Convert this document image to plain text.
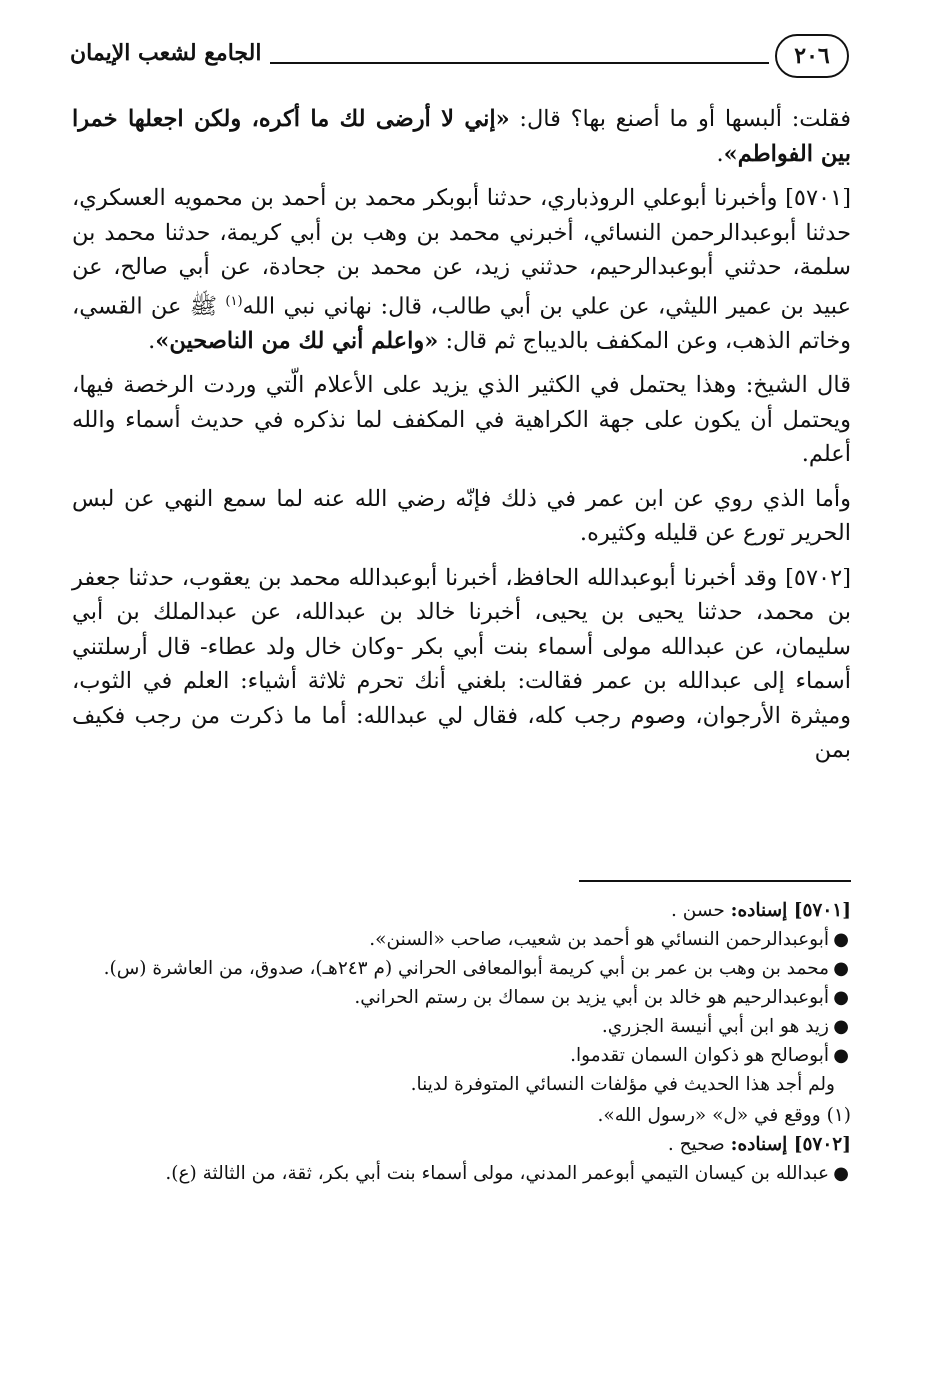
٢٠٦
الجامع لشعب الإيمان

فقلت: ألبسها أو ما أصنع بها؟ قال: «إني لا أرضى لك ما أكره، ولكن اجعلها خمرا بين الفواطم».

[٥٧٠١] وأخبرنا أبوعلي الروذباري، حدثنا أبوبكر محمد بن أحمد بن محمويه العسكري، حدثنا أبوعبدالرحمن النسائي، أخبرني محمد بن وهب بن أبي كريمة، حدثنا محمد بن سلمة، حدثني أبوعبدالرحيم، حدثني زيد، عن محمد بن جحادة، عن أبي صالح، عن عبيد بن عمير الليثي، عن علي بن أبي طالب، قال: نهاني نبي الله$^{(١)}$ ﷺ عن القسي، وخاتم الذهب، وعن المكفف بالديباج ثم قال: «واعلم أني لك من الناصحين».

قال الشيخ: وهذا يحتمل في الكثير الذي يزيد على الأعلام الّتي وردت الرخصة فيها، ويحتمل أن يكون على جهة الكراهية في المكفف لما نذكره في حديث أسماء والله أعلم.

وأما الذي روي عن ابن عمر في ذلك فإنّه رضي الله عنه لما سمع النهي عن لبس الحرير تورع عن قليله وكثيره.

[٥٧٠٢] وقد أخبرنا أبوعبدالله الحافظ، أخبرنا أبوعبدالله محمد بن يعقوب، حدثنا جعفر بن محمد، حدثنا يحيى بن يحيى، أخبرنا خالد بن عبدالله، عن عبدالملك بن أبي سليمان، عن عبدالله مولى أسماء بنت أبي بكر -وكان خال ولد عطاء- قال أرسلتني أسماء إلى عبدالله بن عمر فقالت: بلغني أنك تحرم ثلاثة أشياء: العلم في الثوب، وميثرة الأرجوان، وصوم رجب كله، فقال لي عبدالله: أما ما ذكرت من رجب فكيف بمن

[٥٧٠١] إسناده: حسن .

●
أبوعبدالرحمن النسائي هو أحمد بن شعيب، صاحب «السنن».
●
محمد بن وهب بن عمر بن أبي كريمة أبوالمعافى الحراني (م ٢٤٣هـ)، صدوق، من العاشرة (س).
●
أبوعبدالرحيم هو خالد بن أبي يزيد بن سماك بن رستم الحراني.
●
زيد هو ابن أبي أنيسة الجزري.
●
أبوصالح هو ذكوان السمان تقدموا.

ولم أجد هذا الحديث في مؤلفات النسائي المتوفرة لدينا.

(١) ووقع في «ل» «رسول الله».

[٥٧٠٢] إسناده: صحيح .

●
عبدالله بن كيسان التيمي أبوعمر المدني، مولى أسماء بنت أبي بكر، ثقة، من الثالثة (ع).
